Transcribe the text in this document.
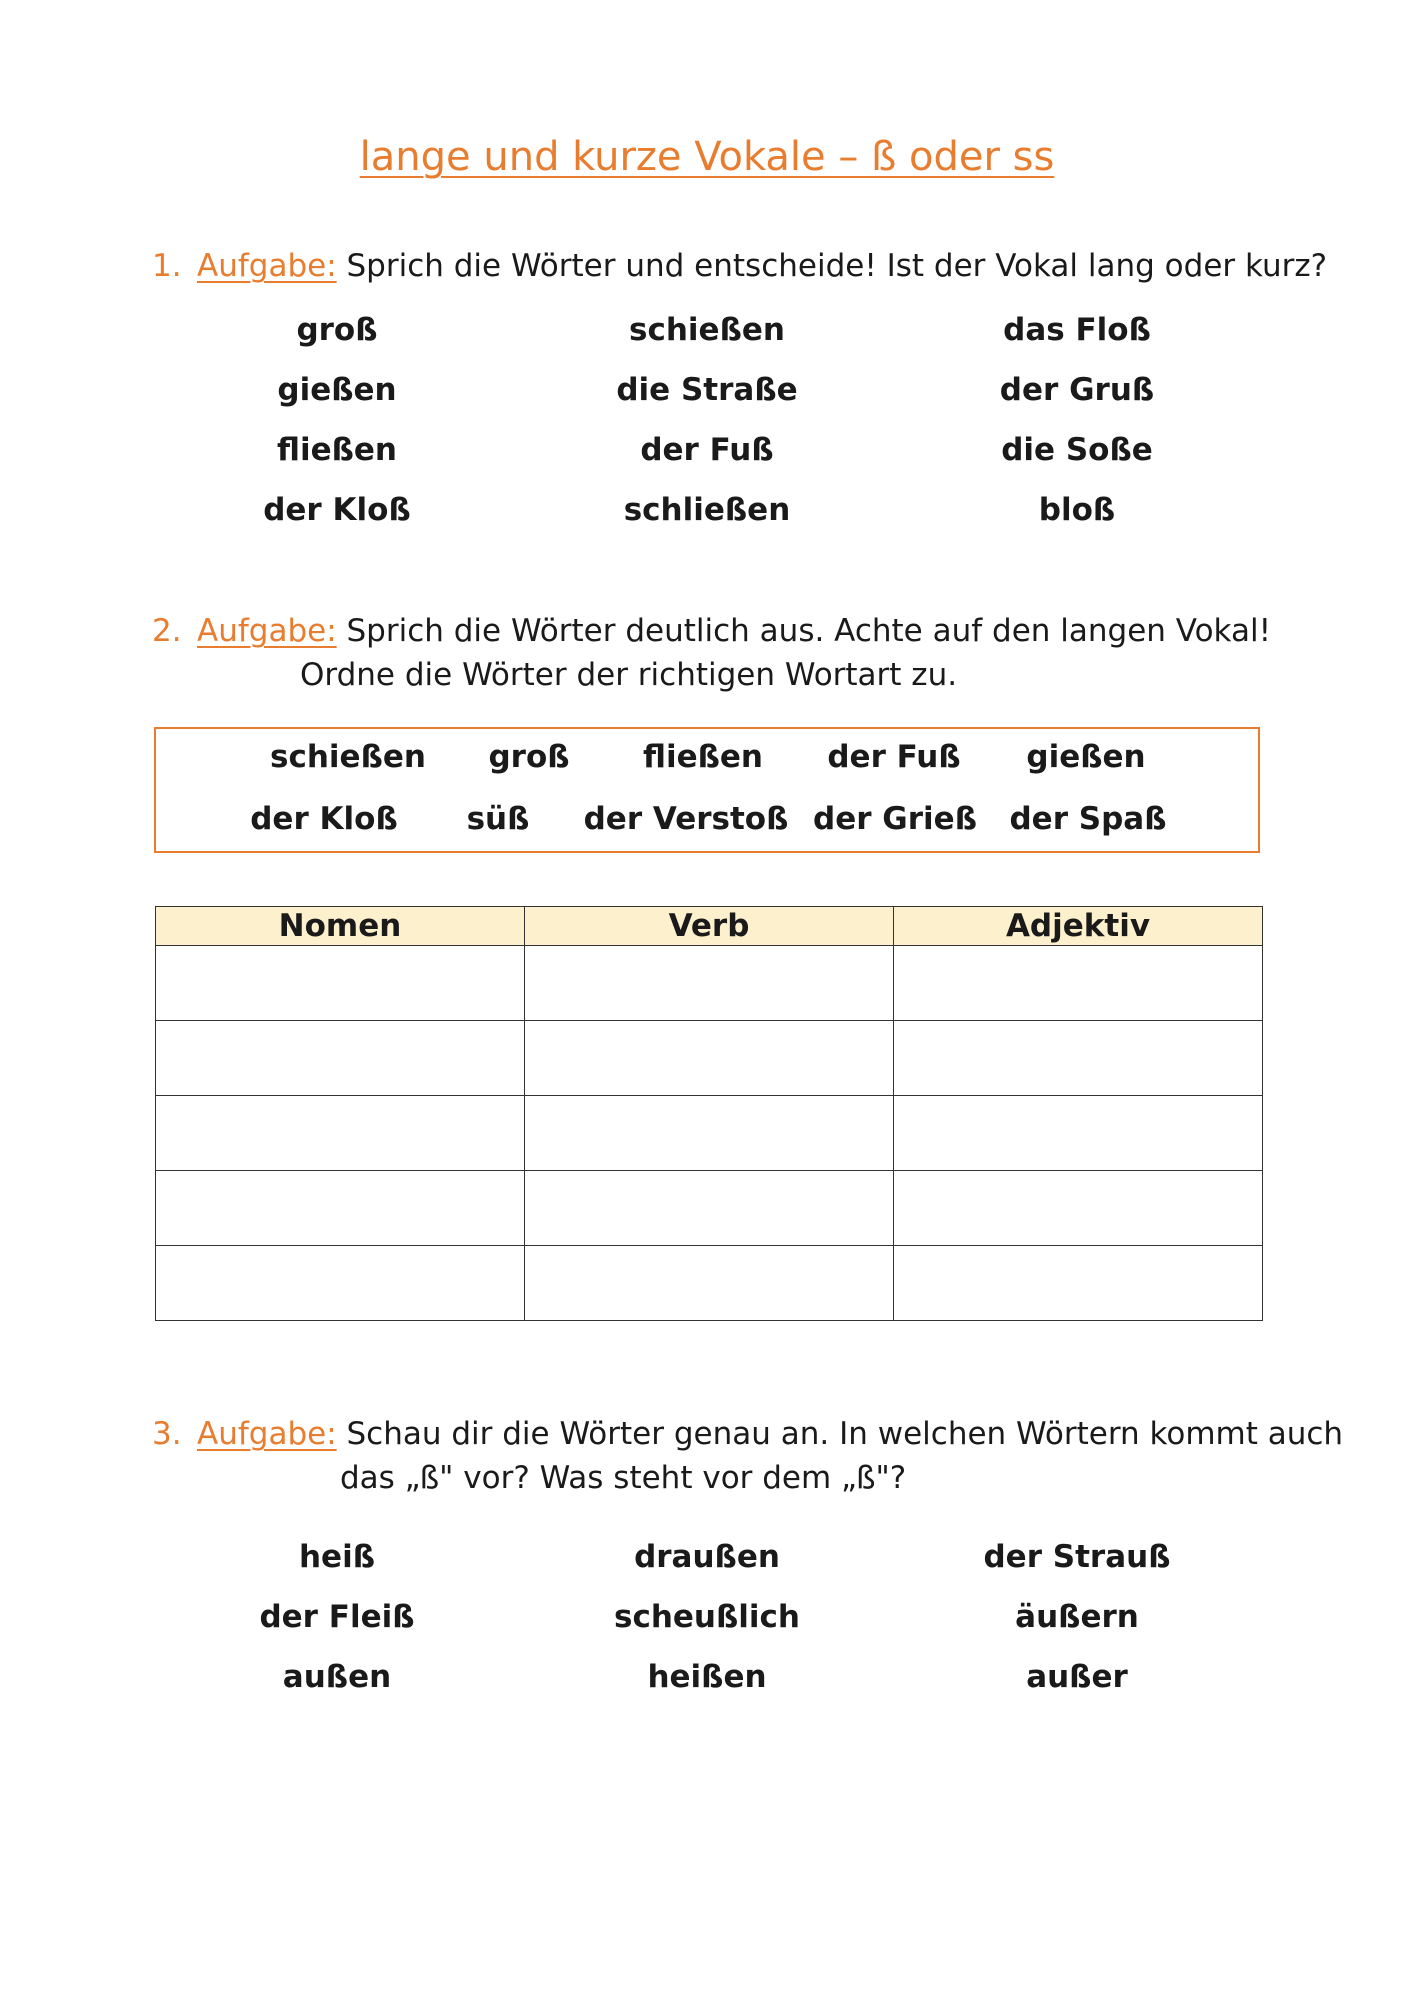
lange und kurze Vokale – ß oder ss
1. Aufgabe: Sprich die Wörter und entscheide! Ist der Vokal lang oder kurz?
groß	schießen	das Floß
gießen	die Straße	der Gruß
fließen	der Fuß	die Soße
der Kloß	schließen	bloß
2. Aufgabe: Sprich die Wörter deutlich aus. Achte auf den langen Vokal!
Ordne die Wörter der richtigen Wortart zu.
schießen groß fließen der Fuß gießen
der Kloß süß der Verstoß der Grieß der Spaß
Nomen	Verb	Adjektiv

3. Aufgabe: Schau dir die Wörter genau an. In welchen Wörtern kommt auch
das „ß" vor? Was steht vor dem „ß"?
heiß	draußen	der Strauß
der Fleiß	scheußlich	äußern
außen	heißen	außer
